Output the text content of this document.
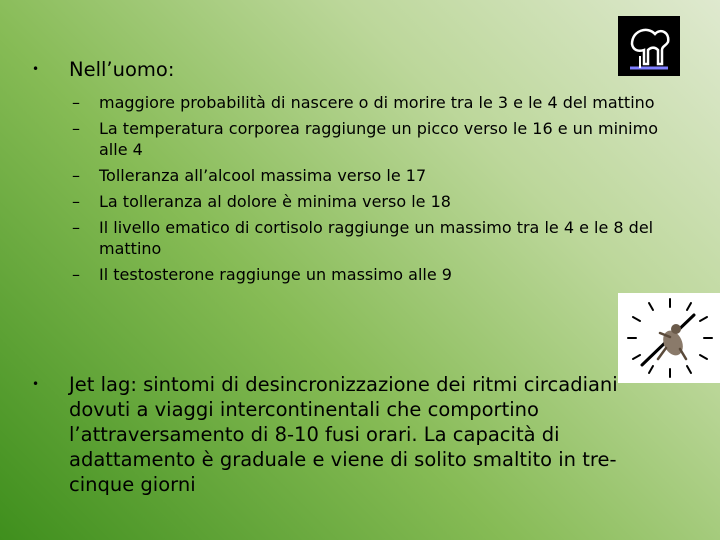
• Nell’uomo:
– maggiore probabilità di nascere o di morire tra le 3 e le 4 del mattino
– La temperatura corporea raggiunge un picco verso le 16 e un minimo alle 4
– Tolleranza all’alcool massima verso le 17
– La tolleranza al dolore è minima verso le 18
– Il livello ematico di cortisolo raggiunge un massimo tra le 4 e le 8 del mattino
– Il testosterone raggiunge un massimo alle 9
• Jet lag: sintomi di desincronizzazione dei ritmi circadiani dovuti a viaggi intercontinentali che comportino l’attraversamento di 8-10 fusi orari. La capacità di adattamento è graduale e viene di solito smaltito in tre-cinque giorni
